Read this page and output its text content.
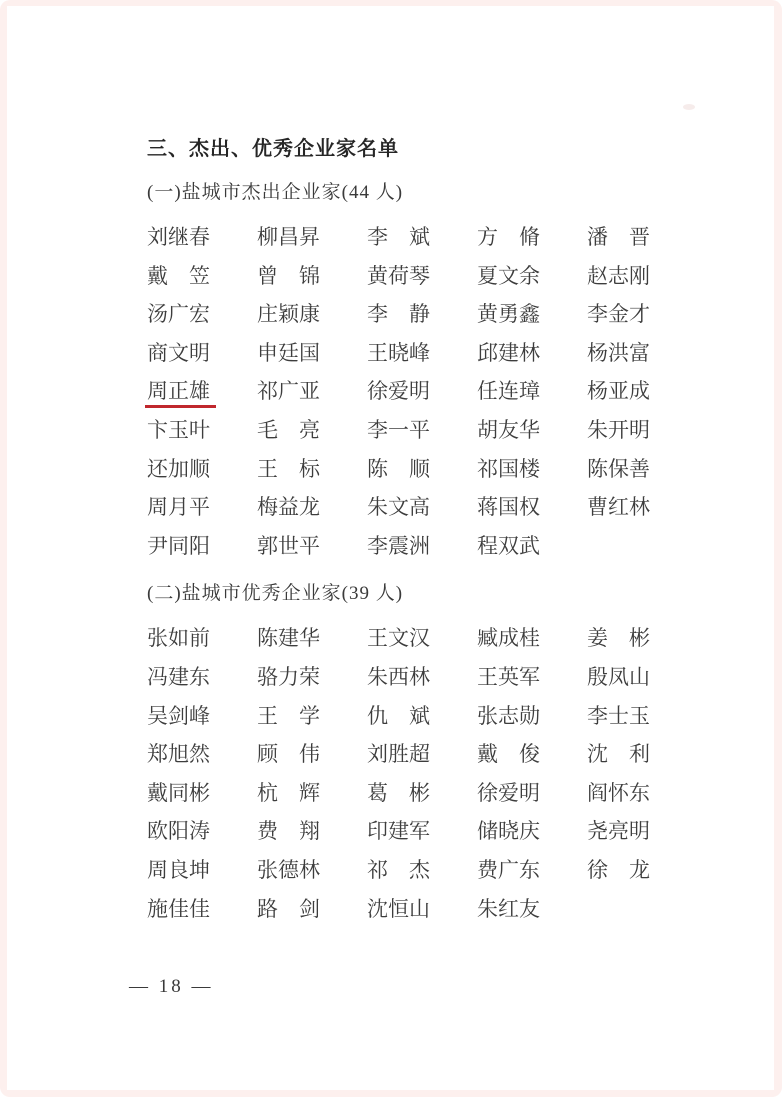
三、杰出、优秀企业家名单
(一)盐城市杰出企业家(44 人)
刘继春	柳昌昇	李　斌	方　脩	潘　晋
戴　笠	曾　锦	黄荷琴	夏文余	赵志刚
汤广宏	庄颖康	李　静	黄勇鑫	李金才
商文明	申廷国	王晓峰	邱建林	杨洪富
周正雄	祁广亚	徐爱明	任连璋	杨亚成
卞玉叶	毛　亮	李一平	胡友华	朱开明
还加顺	王　标	陈　顺	祁国楼	陈保善
周月平	梅益龙	朱文高	蒋国权	曹红林
尹同阳	郭世平	李震洲	程双武
(二)盐城市优秀企业家(39 人)
张如前	陈建华	王文汉	臧成桂	姜　彬
冯建东	骆力荣	朱西林	王英军	殷凤山
吴剑峰	王　学	仇　斌	张志勋	李士玉
郑旭然	顾　伟	刘胜超	戴　俊	沈　利
戴同彬	杭　辉	葛　彬	徐爱明	阎怀东
欧阳涛	费　翔	印建军	储晓庆	尧亮明
周良坤	张德林	祁　杰	费广东	徐　龙
施佳佳	路　剑	沈恒山	朱红友
— 18 —
